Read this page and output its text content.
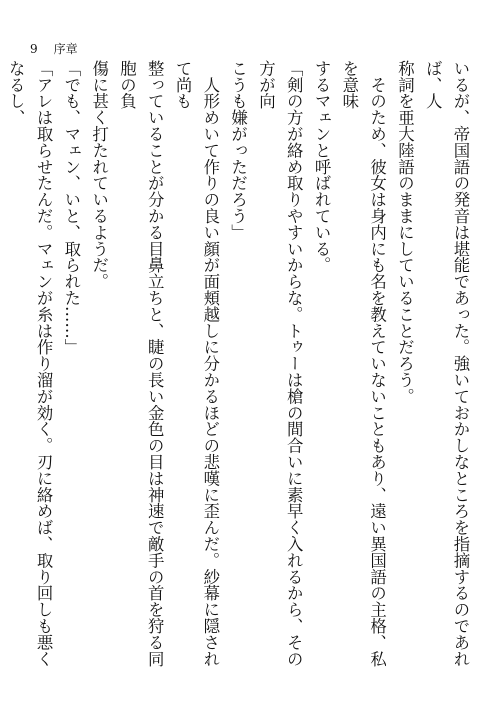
9 序章

いるが、帝国語の発音は堪能であった。強いておかしなところを指摘するのであれば、人

称詞を亜大陸語のままにしていることだろう。

　そのため、彼女は身内にも名を教えていないこともあり、遠い異国語の主格、私を意味

するマェンと呼ばれている。

「剣の方が絡め取りやすいからな。トゥーは槍の間合いに素早く入れるから、その方が向

こうも嫌がっただろう」

　人形めいて作りの良い顔が面頬越しに分かるほどの悲嘆に歪んだ。紗幕に隠されて尚も

整っていることが分かる目鼻立ちと、睫の長い金色の目は神速で敵手の首を狩る同胞の負

傷に甚く打たれているようだ。

「でも、マェン、いと、取られた……」

「アレは取らせたんだ。マェンが糸は作り溜が効く。刃に絡めば、取り回しも悪くなるし、
